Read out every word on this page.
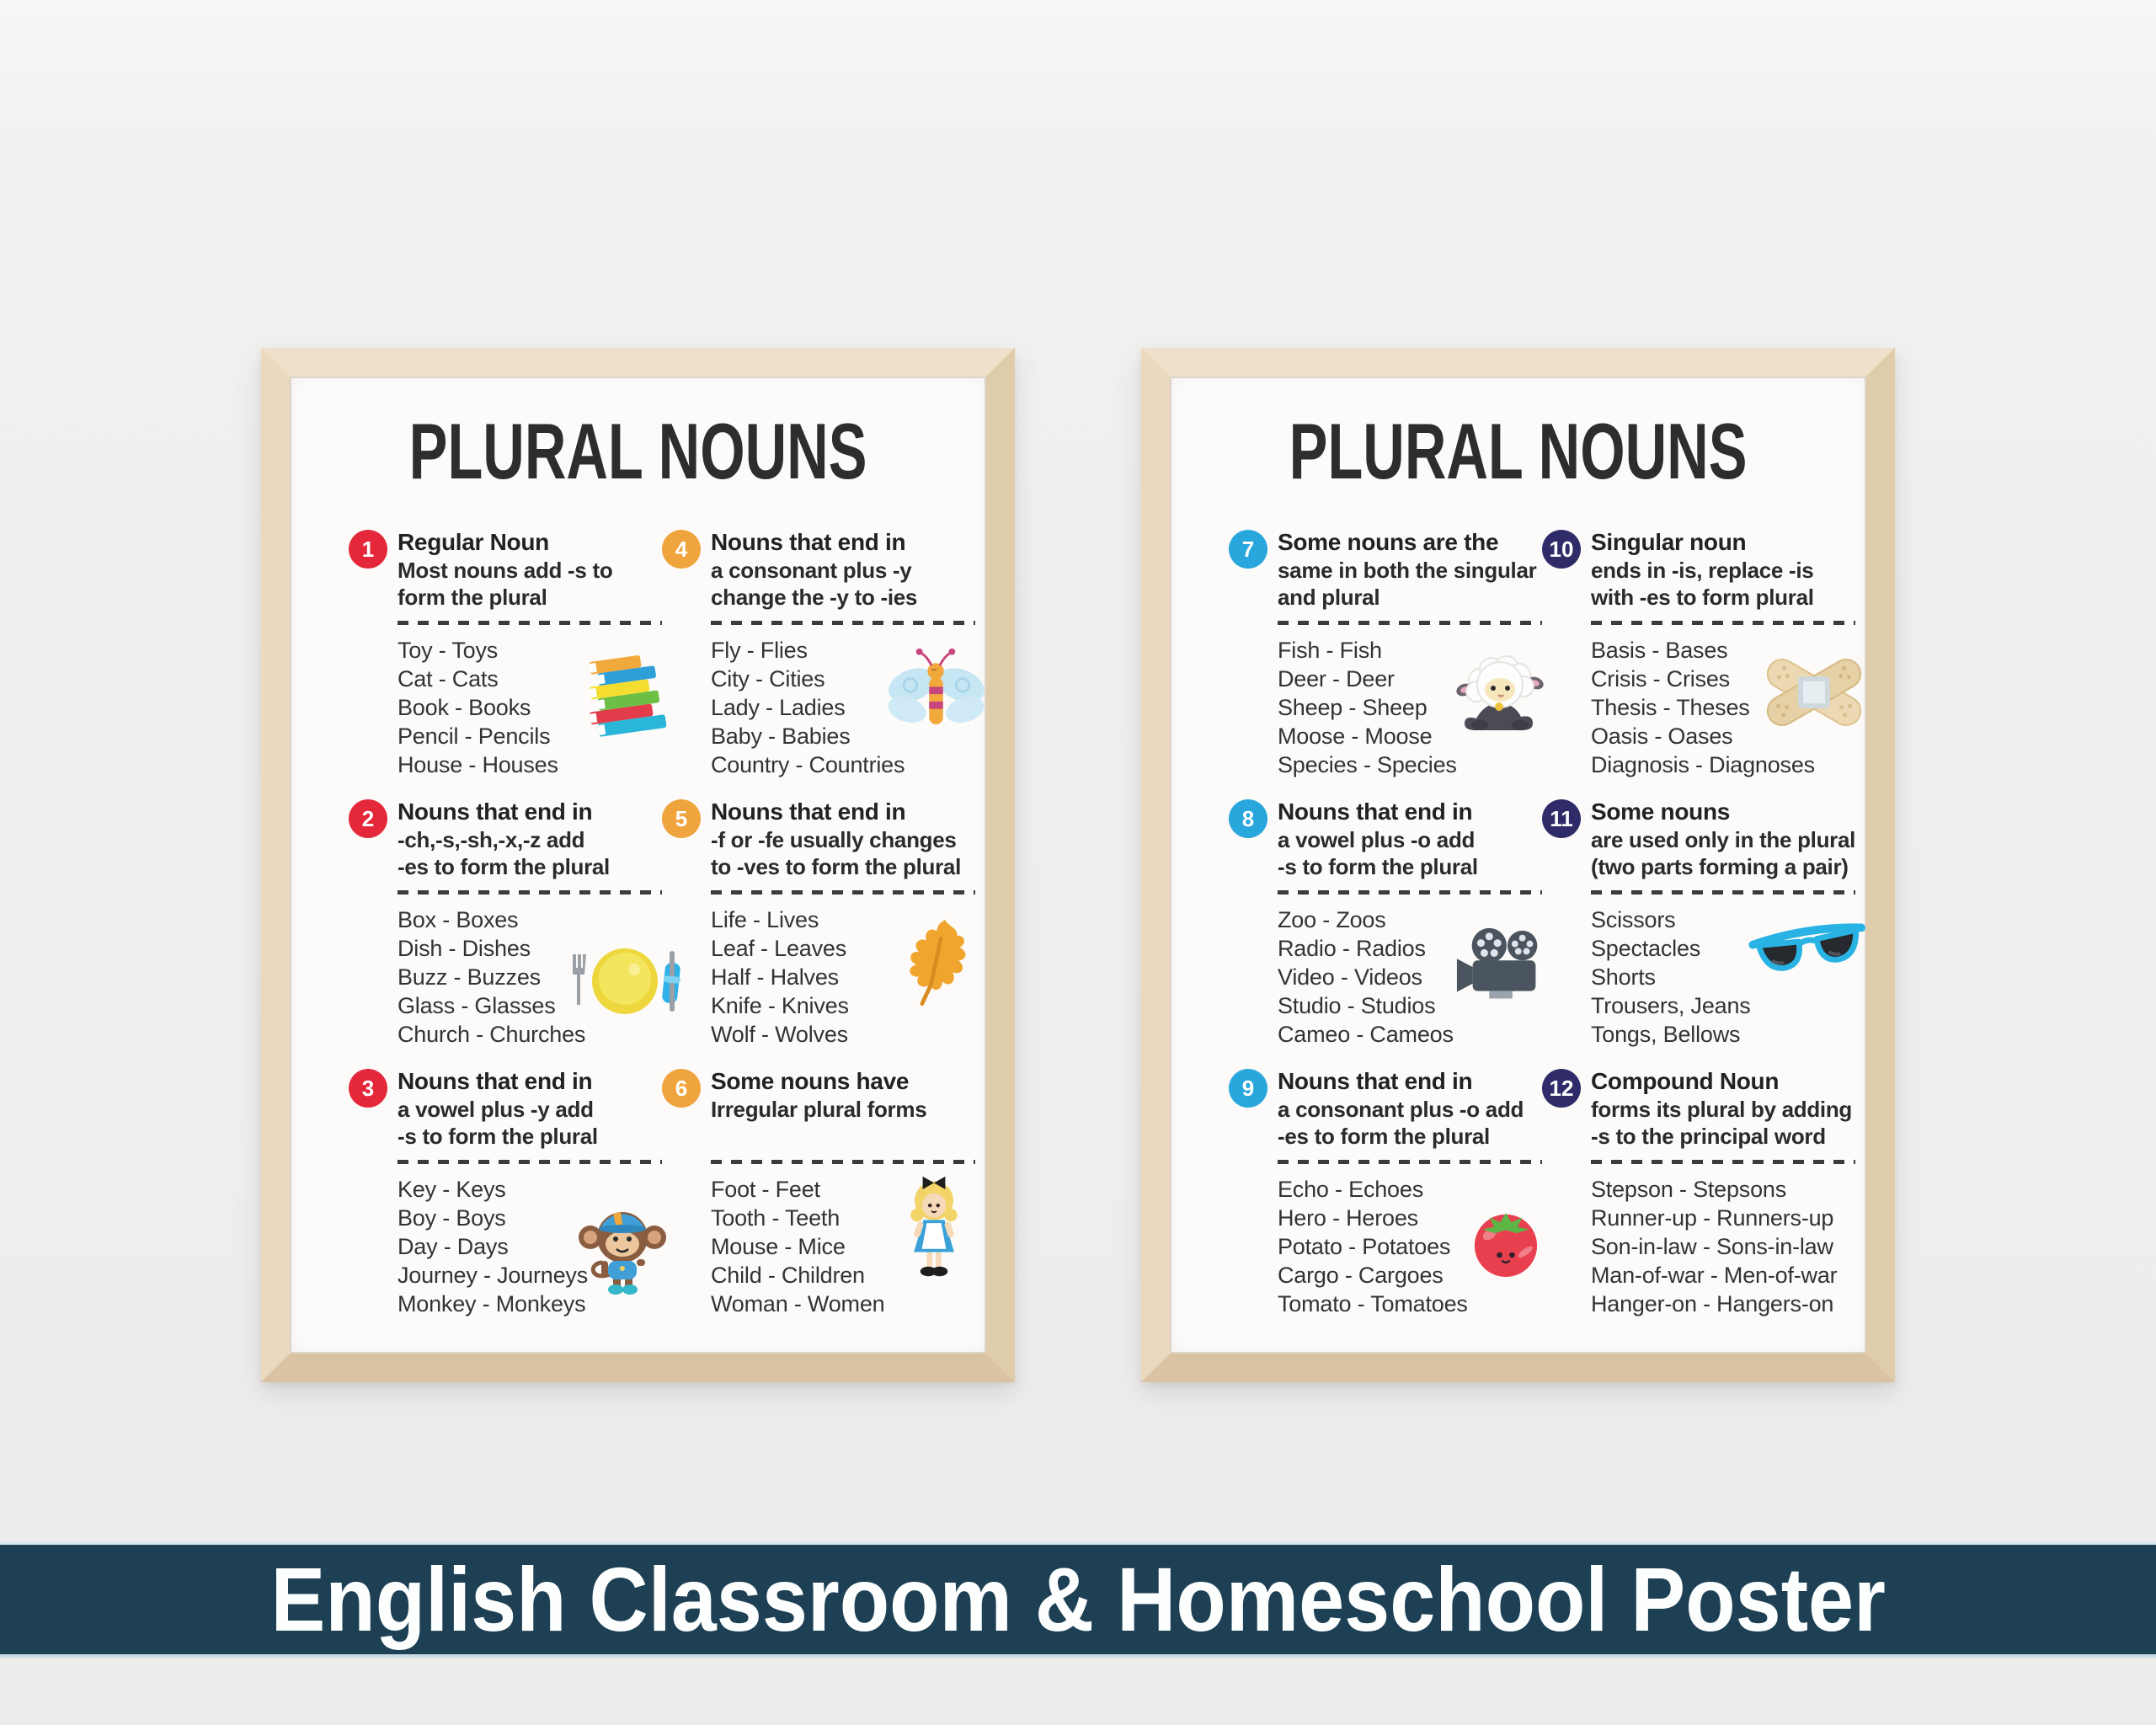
PLURAL NOUNS
1 Regular Noun
Most nouns add -s to
form the plural
Toy - Toys
Cat - Cats
Book - Books
Pencil - Pencils
House - Houses
2 Nouns that end in
-ch,-s,-sh,-x,-z add
-es to form the plural
Box - Boxes
Dish - Dishes
Buzz - Buzzes
Glass - Glasses
Church - Churches
3 Nouns that end in
a vowel plus -y add
-s to form the plural
Key - Keys
Boy - Boys
Day - Days
Journey - Journeys
Monkey - Monkeys
4 Nouns that end in
a consonant plus -y
change the -y to -ies
Fly - Flies
City - Cities
Lady - Ladies
Baby - Babies
Country - Countries
5 Nouns that end in
-f or -fe usually changes
to -ves to form the plural
Life - Lives
Leaf - Leaves
Half - Halves
Knife - Knives
Wolf - Wolves
6 Some nouns have
Irregular plural forms
Foot - Feet
Tooth - Teeth
Mouse - Mice
Child - Children
Woman - Women
PLURAL NOUNS
7 Some nouns are the
same in both the singular
and plural
Fish - Fish
Deer - Deer
Sheep - Sheep
Moose - Moose
Species - Species
8 Nouns that end in
a vowel plus -o add
-s to form the plural
Zoo - Zoos
Radio - Radios
Video - Videos
Studio - Studios
Cameo - Cameos
9 Nouns that end in
a consonant plus -o add
-es to form the plural
Echo - Echoes
Hero - Heroes
Potato - Potatoes
Cargo - Cargoes
Tomato - Tomatoes
10 Singular noun
ends in -is, replace -is
with -es to form plural
Basis - Bases
Crisis - Crises
Thesis - Theses
Oasis - Oases
Diagnosis - Diagnoses
11 Some nouns
are used only in the plural
(two parts forming a pair)
Scissors
Spectacles
Shorts
Trousers, Jeans
Tongs, Bellows
12 Compound Noun
forms its plural by adding
-s to the principal word
Stepson - Stepsons
Runner-up - Runners-up
Son-in-law - Sons-in-law
Man-of-war - Men-of-war
Hanger-on - Hangers-on
English Classroom & Homeschool Poster
